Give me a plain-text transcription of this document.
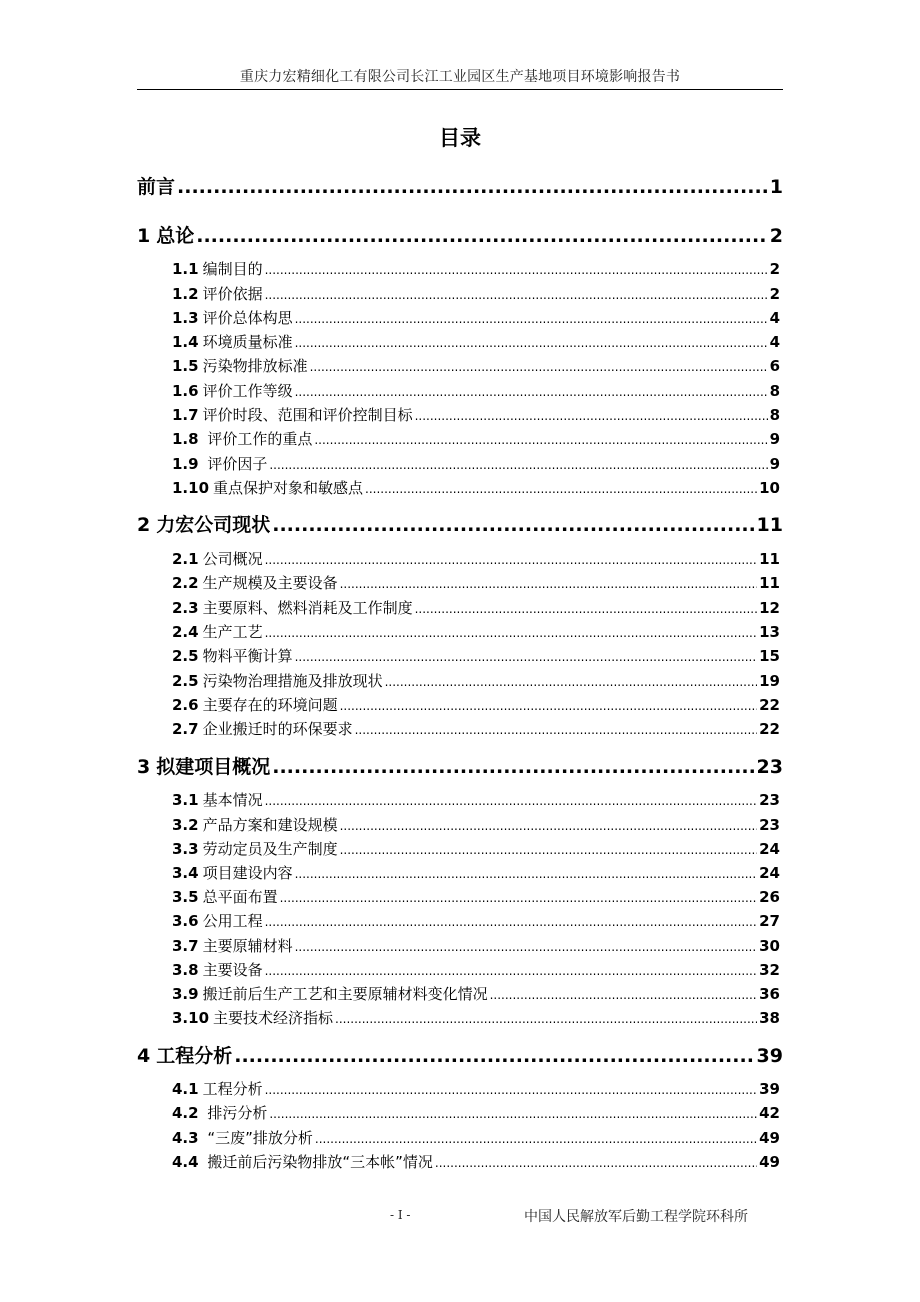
重庆力宏精细化工有限公司长江工业园区生产基地项目环境影响报告书
目录
前言 .....	1
1 总论 .....	2
1.1 编制目的 .....	2
1.2 评价依据 .....	2
1.3 评价总体构思 .....	4
1.4 环境质量标准 .....	4
1.5 污染物排放标准 .....	6
1.6 评价工作等级 .....	8
1.7 评价时段、范围和评价控制目标 .....	8
1.8 评价工作的重点 .....	9
1.9 评价因子 .....	9
1.10 重点保护对象和敏感点 .....	10
2 力宏公司现状 .....	11
2.1 公司概况 .....	11
2.2 生产规模及主要设备 .....	11
2.3 主要原料、燃料消耗及工作制度 .....	12
2.4 生产工艺 .....	13
2.5 物料平衡计算 .....	15
2.5 污染物治理措施及排放现状 .....	19
2.6 主要存在的环境问题 .....	22
2.7 企业搬迁时的环保要求 .....	22
3 拟建项目概况 .....	23
3.1 基本情况 .....	23
3.2 产品方案和建设规模 .....	23
3.3 劳动定员及生产制度 .....	24
3.4 项目建设内容 .....	24
3.5 总平面布置 .....	26
3.6 公用工程 .....	27
3.7 主要原辅材料 .....	30
3.8 主要设备 .....	32
3.9 搬迁前后生产工艺和主要原辅材料变化情况 .....	36
3.10 主要技术经济指标 .....	38
4 工程分析 .....	39
4.1 工程分析 .....	39
4.2 排污分析 .....	42
4.3 “三废”排放分析 .....	49
4.4 搬迁前后污染物排放“三本帐”情况 .....	49
- I -	中国人民解放军后勤工程学院环科所
